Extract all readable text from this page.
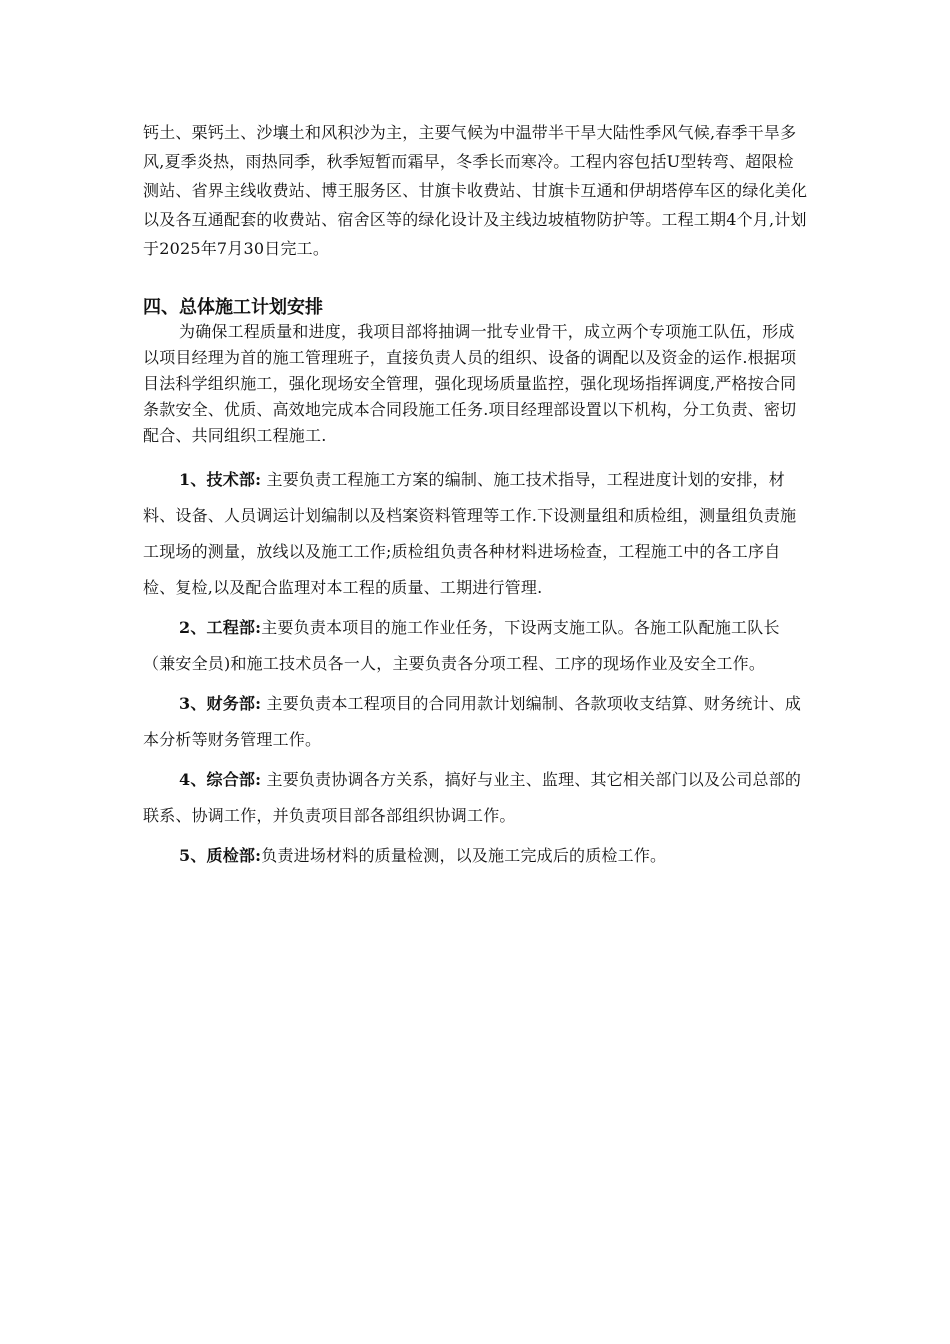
钙土、栗钙土、沙壤土和风积沙为主，主要气候为中温带半干旱大陆性季风气候,春季干旱多风,夏季炎热，雨热同季，秋季短暂而霜早，冬季长而寒冷。工程内容包括U型转弯、超限检测站、省界主线收费站、博王服务区、甘旗卡收费站、甘旗卡互通和伊胡塔停车区的绿化美化以及各互通配套的收费站、宿舍区等的绿化设计及主线边坡植物防护等。工程工期4个月,计划于2025年7月30日完工。

四、总体施工计划安排

为确保工程质量和进度，我项目部将抽调一批专业骨干，成立两个专项施工队伍，形成以项目经理为首的施工管理班子，直接负责人员的组织、设备的调配以及资金的运作.根据项目法科学组织施工，强化现场安全管理，强化现场质量监控，强化现场指挥调度,严格按合同条款安全、优质、高效地完成本合同段施工任务.项目经理部设置以下机构，分工负责、密切配合、共同组织工程施工.

1、技术部: 主要负责工程施工方案的编制、施工技术指导，工程进度计划的安排，材料、设备、人员调运计划编制以及档案资料管理等工作.下设测量组和质检组，测量组负责施工现场的测量，放线以及施工工作;质检组负责各种材料进场检查，工程施工中的各工序自检、复检,以及配合监理对本工程的质量、工期进行管理.

2、工程部:主要负责本项目的施工作业任务，下设两支施工队。各施工队配施工队长（兼安全员)和施工技术员各一人，主要负责各分项工程、工序的现场作业及安全工作。

3、财务部: 主要负责本工程项目的合同用款计划编制、各款项收支结算、财务统计、成本分析等财务管理工作。

4、综合部: 主要负责协调各方关系，搞好与业主、监理、其它相关部门以及公司总部的联系、协调工作，并负责项目部各部组织协调工作。

5、质检部:负责进场材料的质量检测，以及施工完成后的质检工作。
